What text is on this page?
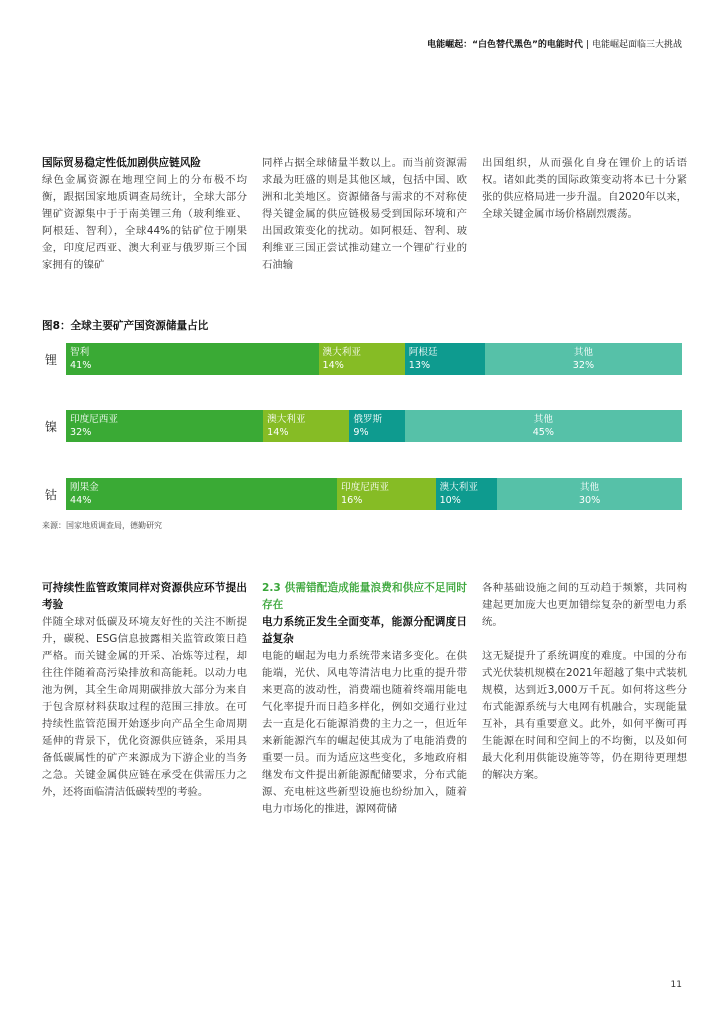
电能崛起：“白色替代黑色”的电能时代 | 电能崛起面临三大挑战
国际贸易稳定性低加剧供应链风险

绿色金属资源在地理空间上的分布极不均衡，跟据国家地质调查局统计，全球大部分锂矿资源集中于于南美锂三角（玻利维亚、阿根廷、智利），全球44%的钴矿位于刚果金，印度尼西亚、澳大利亚与俄罗斯三个国家拥有的镍矿

同样占据全球储量半数以上。而当前资源需求最为旺盛的则是其他区域，包括中国、欧洲和北美地区。资源储备与需求的不对称使得关键金属的供应链极易受到国际环境和产出国政策变化的扰动。如阿根廷、智利、玻利维亚三国正尝试推动建立一个锂矿行业的石油输

出国组织，从而强化自身在锂价上的话语权。诸如此类的国际政策变动将本已十分紧张的供应格局进一步升温。自2020年以来，全球关键金属市场价格剧烈震荡。

图8：全球主要矿产国资源储量占比
锂
智利
41%
澳大利亚
14%
阿根廷
13%
其他
32%
镍
印度尼西亚
32%
澳大利亚
14%
俄罗斯
9%
其他
45%
钴
刚果金
44%
印度尼西亚
16%
澳大利亚
10%
其他
30%
来源：国家地质调查局，德勤研究
可持续性监管政策同样对资源供应环节提出考验

伴随全球对低碳及环境友好性的关注不断提升，碳税、ESG信息披露相关监管政策日趋严格。而关键金属的开采、冶炼等过程，却往往伴随着高污染排放和高能耗。以动力电池为例，其全生命周期碳排放大部分为来自于包含原材料获取过程的范围三排放。在可持续性监管范围开始逐步向产品全生命周期延伸的背景下，优化资源供应链条，采用具备低碳属性的矿产来源成为下游企业的当务之急。关键金属供应链在承受在供需压力之外，还将面临清洁低碳转型的考验。

2.3 供需错配造成能量浪费和供应不足同时存在
电力系统正发生全面变革，能源分配调度日益复杂

电能的崛起为电力系统带来诸多变化。在供能端，光伏、风电等清洁电力比重的提升带来更高的波动性，消费端也随着终端用能电气化率提升而日趋多样化，例如交通行业过去一直是化石能源消费的主力之一，但近年来新能源汽车的崛起使其成为了电能消费的重要一员。而为适应这些变化，多地政府相继发布文件提出新能源配储要求，分布式能源、充电桩这些新型设施也纷纷加入，随着电力市场化的推进，源网荷储

各种基础设施之间的互动趋于频繁，共同构建起更加庞大也更加错综复杂的新型电力系统。

这无疑提升了系统调度的难度。中国的分布式光伏装机规模在2021年超越了集中式装机规模，达到近3,000万千瓦。如何将这些分布式能源系统与大电网有机融合，实现能量互补，具有重要意义。此外，如何平衡可再生能源在时间和空间上的不均衡，以及如何最大化利用供能设施等等，仍在期待更理想的解决方案。

11
